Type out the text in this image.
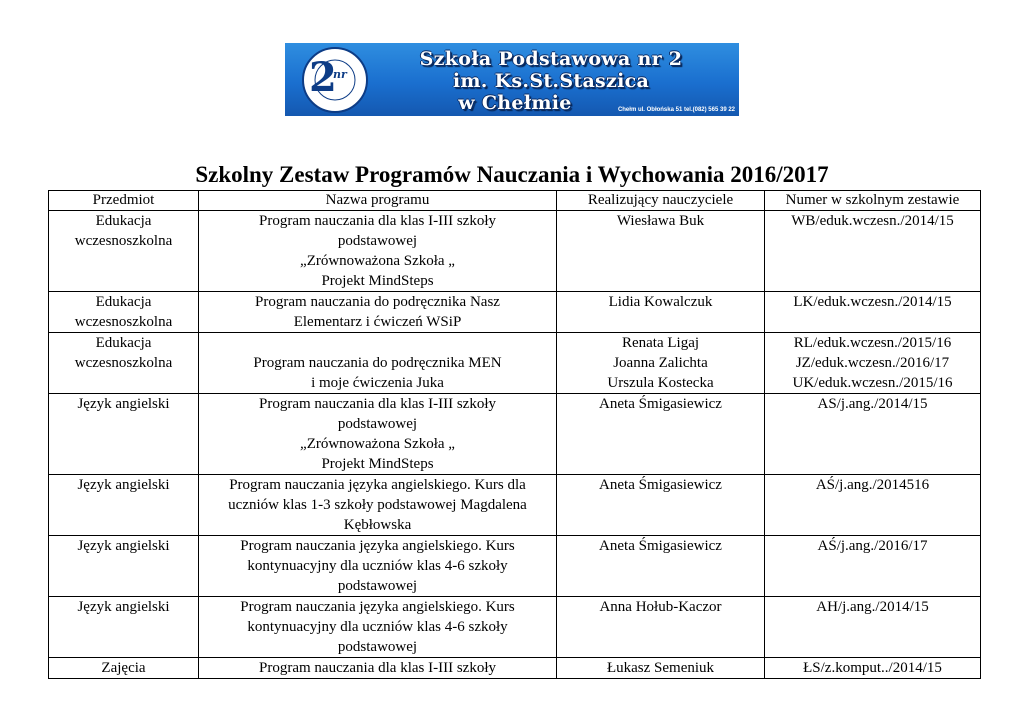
2
nr
Szkoła Podstawowa nr 2
im. Ks.St.Staszica
w Chełmie	Chełm ul. Obłońska 51 tel.(082) 565 39 22
Szkolny Zestaw Programów Nauczania i Wychowania 2016/2017
Przedmiot	Nazwa programu	Realizujący nauczyciele	Numer w szkolnym zestawie

Edukacja
wczesnoszkolna	Program nauczania dla klas I-III szkoły
podstawowej
„Zrównoważona Szkoła „
Projekt MindSteps	Wiesława Buk	WB/eduk.wczesn./2014/15

Edukacja
wczesnoszkolna	Program nauczania do podręcznika Nasz
Elementarz i ćwiczeń WSiP	Lidia Kowalczuk	LK/eduk.wczesn./2014/15

Edukacja
wczesnoszkolna	Program nauczania do podręcznika MEN
i moje ćwiczenia Juka	Renata Ligaj
Joanna Zalichta
Urszula Kostecka	RL/eduk.wczesn./2015/16
JZ/eduk.wczesn./2016/17
UK/eduk.wczesn./2015/16

Język angielski	Program nauczania dla klas I-III szkoły
podstawowej
„Zrównoważona Szkoła „
Projekt MindSteps	Aneta Śmigasiewicz	AS/j.ang./2014/15

Język angielski	Program nauczania języka angielskiego. Kurs dla
uczniów klas 1-3 szkoły podstawowej Magdalena
Kębłowska	Aneta Śmigasiewicz	AŚ/j.ang./2014516

Język angielski	Program nauczania języka angielskiego. Kurs
kontynuacyjny dla uczniów klas 4-6 szkoły
podstawowej	Aneta Śmigasiewicz	AŚ/j.ang./2016/17

Język angielski	Program nauczania języka angielskiego. Kurs
kontynuacyjny dla uczniów klas 4-6 szkoły
podstawowej	Anna Hołub-Kaczor	AH/j.ang./2014/15

Zajęcia	Program nauczania dla klas I-III szkoły	Łukasz Semeniuk	ŁS/z.komput../2014/15
